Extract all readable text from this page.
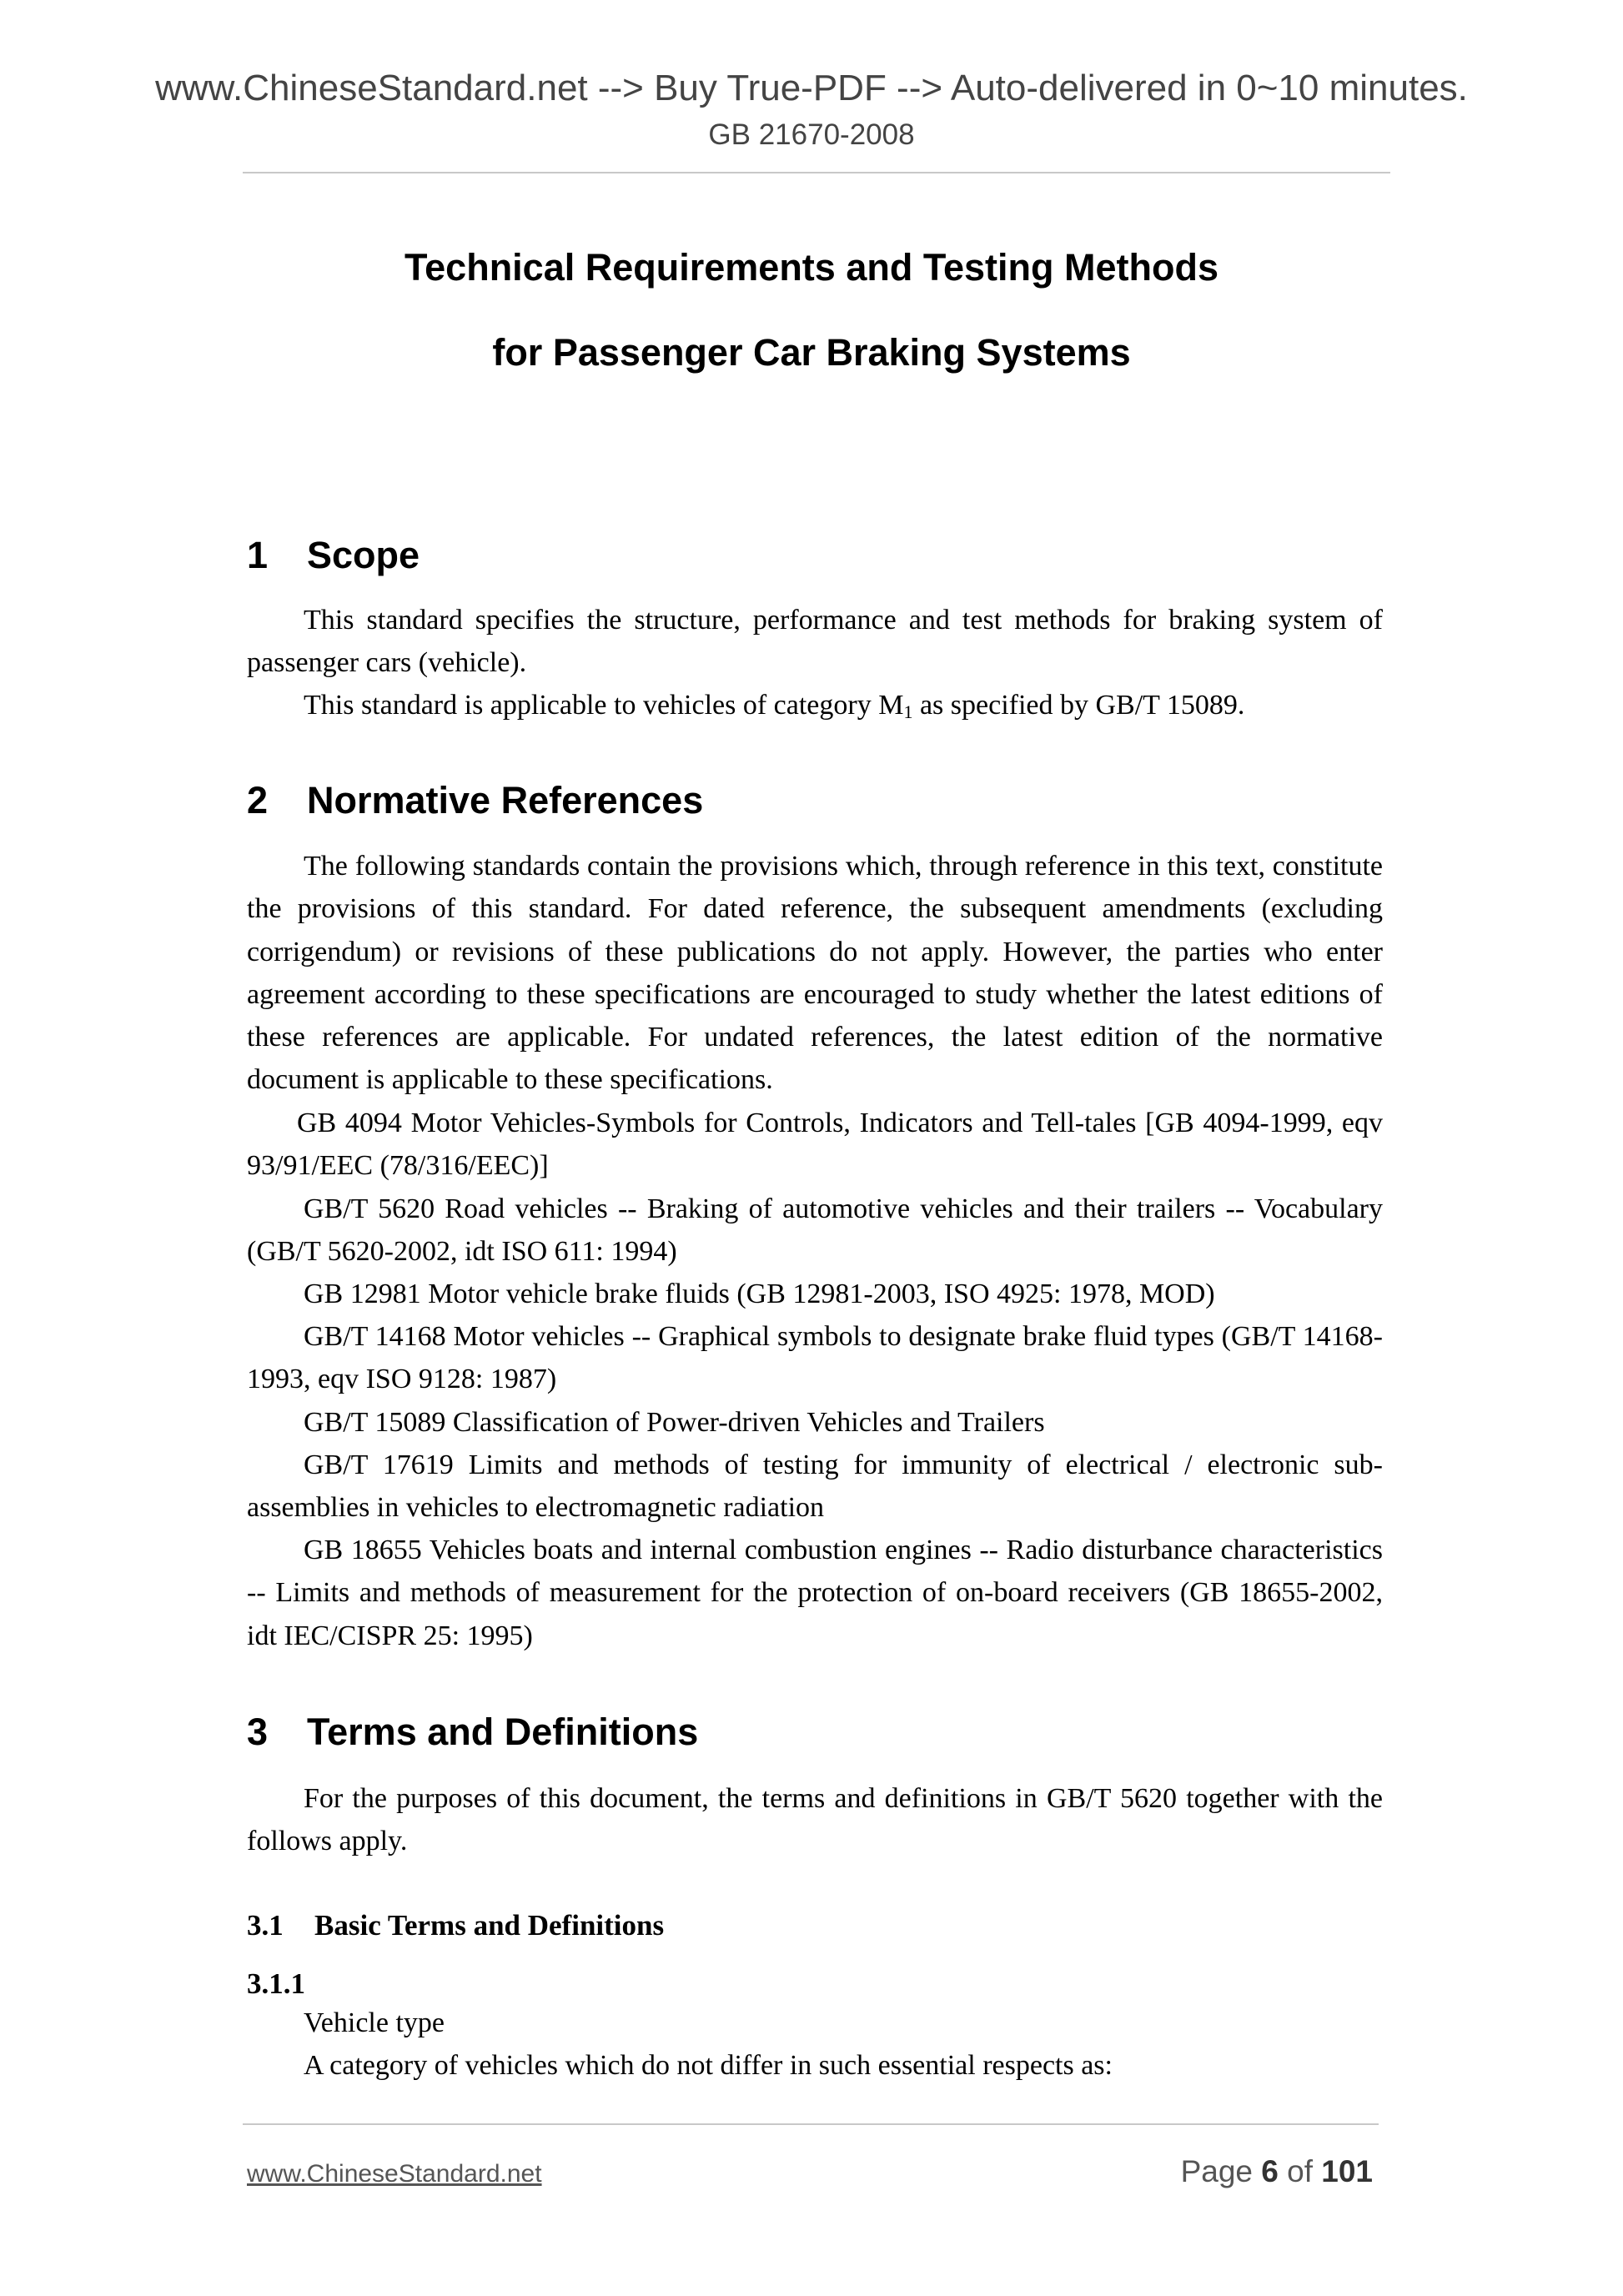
www.ChineseStandard.net --> Buy True-PDF --> Auto-delivered in 0~10 minutes.
GB 21670-2008
Technical Requirements and Testing Methods
for Passenger Car Braking Systems
1 Scope
This standard specifies the structure, performance and test methods for braking system of passenger cars (vehicle).
This standard is applicable to vehicles of category $M_1$ as specified by GB/T 15089.
2 Normative References
The following standards contain the provisions which, through reference in this text, constitute the provisions of this standard. For dated reference, the subsequent amendments (excluding corrigendum) or revisions of these publications do not apply. However, the parties who enter agreement according to these specifications are encouraged to study whether the latest editions of these references are applicable. For undated references, the latest edition of the normative document is applicable to these specifications.
GB 4094 Motor Vehicles-Symbols for Controls, Indicators and Tell-tales [GB 4094-1999, eqv 93/91/EEC (78/316/EEC)]
GB/T 5620 Road vehicles -- Braking of automotive vehicles and their trailers -- Vocabulary (GB/T 5620-2002, idt ISO 611: 1994)
GB 12981 Motor vehicle brake fluids (GB 12981-2003, ISO 4925: 1978, MOD)
GB/T 14168 Motor vehicles -- Graphical symbols to designate brake fluid types (GB/T 14168-1993, eqv ISO 9128: 1987)
GB/T 15089 Classification of Power-driven Vehicles and Trailers
GB/T 17619 Limits and methods of testing for immunity of electrical / electronic sub-assemblies in vehicles to electromagnetic radiation
GB 18655 Vehicles boats and internal combustion engines -- Radio disturbance characteristics -- Limits and methods of measurement for the protection of on-board receivers (GB 18655-2002, idt IEC/CISPR 25: 1995)
3 Terms and Definitions
For the purposes of this document, the terms and definitions in GB/T 5620 together with the follows apply.
3.1 Basic Terms and Definitions
3.1.1
Vehicle type
A category of vehicles which do not differ in such essential respects as:
www.ChineseStandard.net	Page 6 of 101
